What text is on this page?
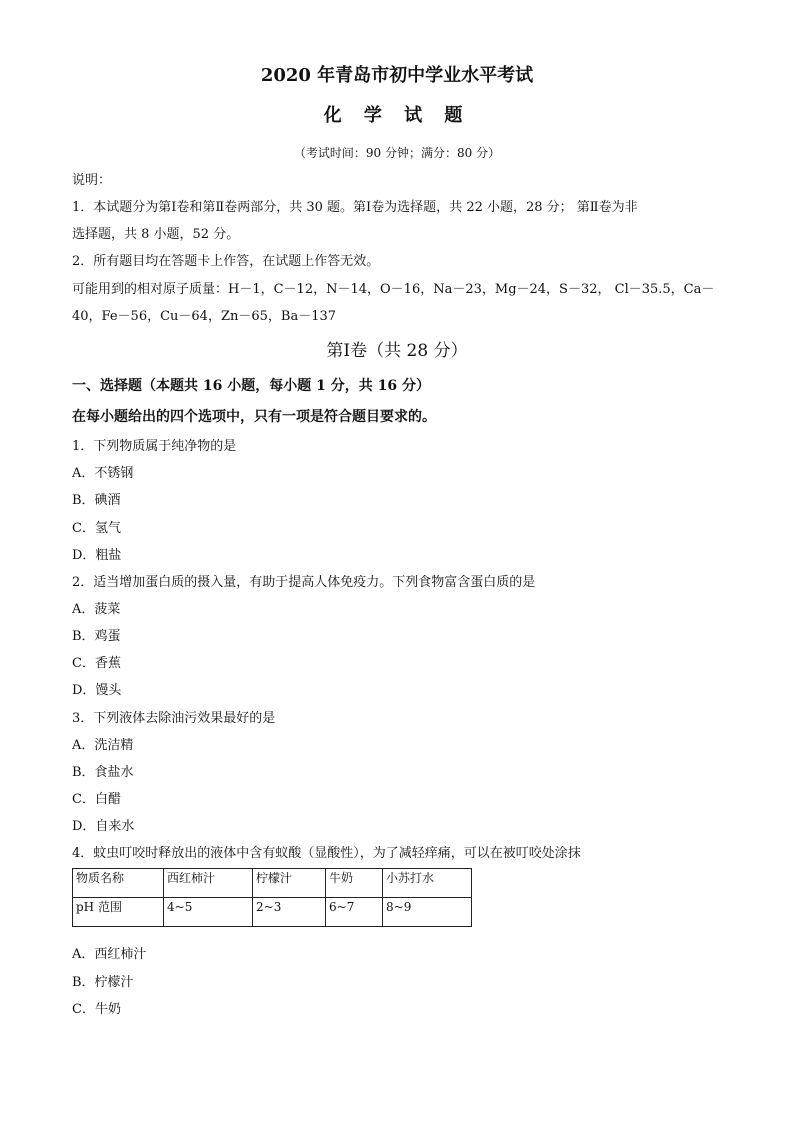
2020 年青岛市初中学业水平考试
化 学 试 题
（考试时间：90 分钟；满分：80 分）
说明：
1．本试题分为第Ⅰ卷和第Ⅱ卷两部分，共 30 题。第Ⅰ卷为选择题，共 22 小题，28 分； 第Ⅱ卷为非
选择题，共 8 小题，52 分。
2．所有题目均在答题卡上作答，在试题上作答无效。
可能用到的相对原子质量：H－1，C－12，N－14，O－16，Na－23，Mg－24，S－32， Cl－35.5，Ca－
40，Fe－56，Cu－64，Zn－65，Ba－137
第Ⅰ卷（共 28 分）
一、选择题（本题共 16 小题，每小题 1 分，共 16 分）
在每小题给出的四个选项中，只有一项是符合题目要求的。
1．下列物质属于纯净物的是
A．不锈钢
B．碘酒
C．氢气
D．粗盐
2．适当增加蛋白质的摄入量，有助于提高人体免疫力。下列食物富含蛋白质的是
A．菠菜
B．鸡蛋
C．香蕉
D．馒头
3．下列液体去除油污效果最好的是
A．洗洁精
B．食盐水
C．白醋
D．自来水
4．蚊虫叮咬时释放出的液体中含有蚁酸（显酸性），为了减轻痒痛，可以在被叮咬处涂抹
物质名称	西红柿汁	柠檬汁	牛奶	小苏打水
pH 范围	4~5	2~3	6~7	8~9
A．西红柿汁
B．柠檬汁
C．牛奶
